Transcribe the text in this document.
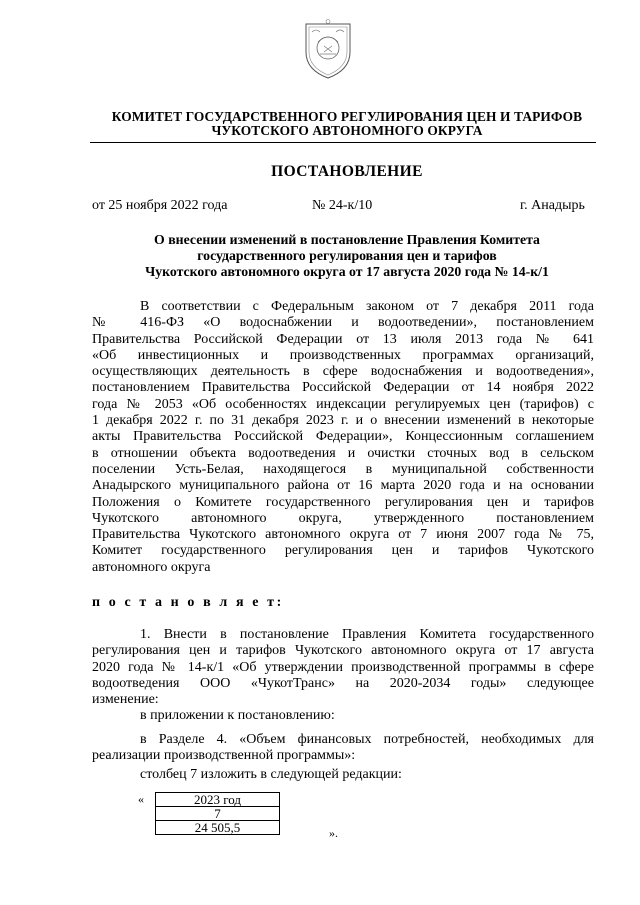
КОМИТЕТ ГОСУДАРСТВЕННОГО РЕГУЛИРОВАНИЯ ЦЕН И ТАРИФОВ
ЧУКОТСКОГО АВТОНОМНОГО ОКРУГА
ПОСТАНОВЛЕНИЕ
от 25 ноября 2022 года	№ 24-к/10	г. Анадырь
О внесении изменений в постановление Правления Комитета
государственного регулирования цен и тарифов
Чукотского автономного округа от 17 августа 2020 года № 14-к/1
В соответствии с Федеральным законом от 7 декабря 2011 года
№ 416-ФЗ «О водоснабжении и водоотведении», постановлением
Правительства Российской Федерации от 13 июля 2013 года № 641
«Об инвестиционных и производственных программах организаций,
осуществляющих деятельность в сфере водоснабжения и водоотведения»,
постановлением Правительства Российской Федерации от 14 ноября 2022
года № 2053 «Об особенностях индексации регулируемых цен (тарифов) с
1 декабря 2022 г. по 31 декабря 2023 г. и о внесении изменений в некоторые
акты Правительства Российской Федерации», Концессионным соглашением
в отношении объекта водоотведения и очистки сточных вод в сельском
поселении Усть-Белая, находящегося в муниципальной собственности
Анадырского муниципального района от 16 марта 2020 года и на основании
Положения о Комитете государственного регулирования цен и тарифов
Чукотского автономного округа, утвержденного постановлением
Правительства Чукотского автономного округа от 7 июня 2007 года № 75,
Комитет государственного регулирования цен и тарифов Чукотского
автономного округа
п о с т а н о в л я е т:
1. Внести в постановление Правления Комитета государственного
регулирования цен и тарифов Чукотского автономного округа от 17 августа
2020 года № 14-к/1 «Об утверждении производственной программы в сфере
водоотведения ООО «ЧукотТранс» на 2020-2034 годы» следующее
изменение:
в приложении к постановлению:
в Разделе 4. «Объем финансовых потребностей, необходимых для
реализации производственной программы»:
столбец 7 изложить в следующей редакции:
«	2023 год
7
24 505,5	».
